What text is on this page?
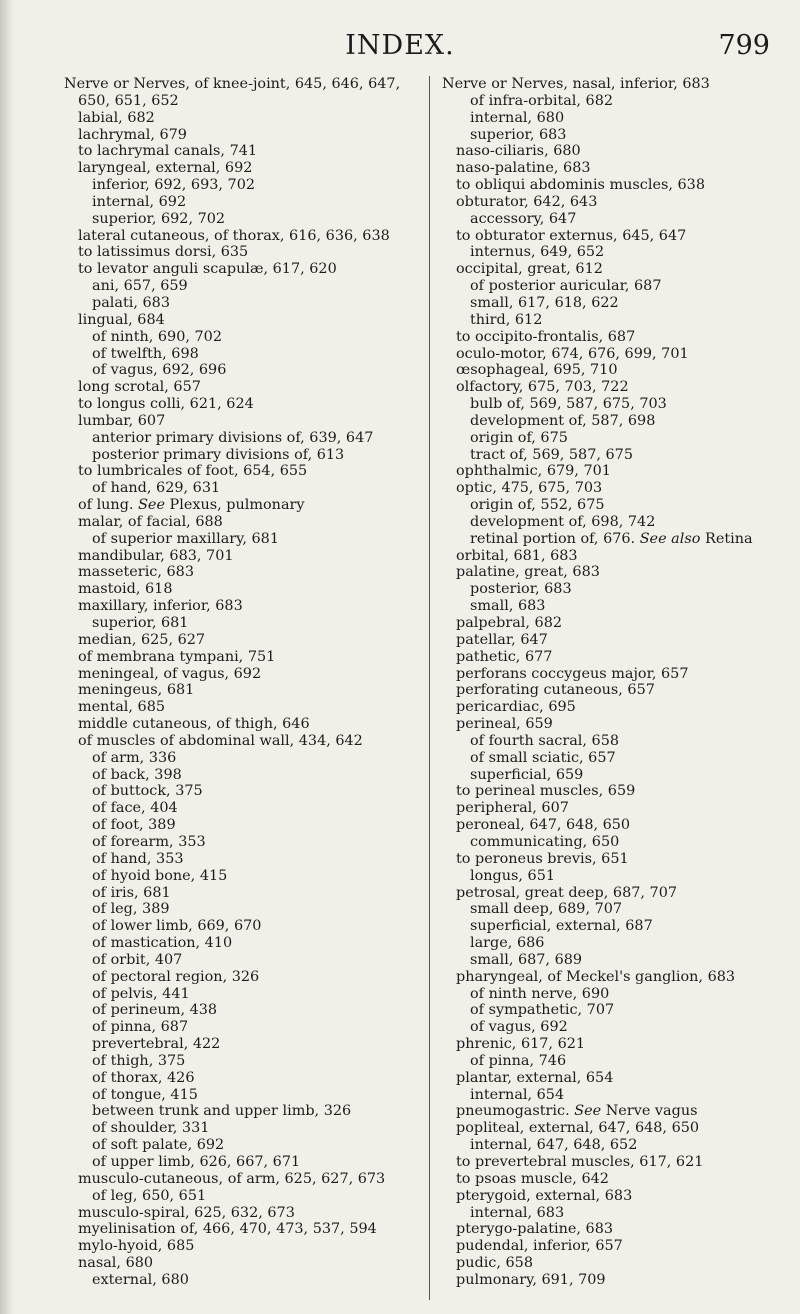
INDEX.	799
Nerve or Nerves, of knee-joint, 645, 646, 647,
650, 651, 652
labial, 682
lachrymal, 679
to lachrymal canals, 741
laryngeal, external, 692
inferior, 692, 693, 702
internal, 692
superior, 692, 702
lateral cutaneous, of thorax, 616, 636, 638
to latissimus dorsi, 635
to levator anguli scapulæ, 617, 620
ani, 657, 659
palati, 683
lingual, 684
of ninth, 690, 702
of twelfth, 698
of vagus, 692, 696
long scrotal, 657
to longus colli, 621, 624
lumbar, 607
anterior primary divisions of, 639, 647
posterior primary divisions of, 613
to lumbricales of foot, 654, 655
of hand, 629, 631
of lung. See Plexus, pulmonary
malar, of facial, 688
of superior maxillary, 681
mandibular, 683, 701
masseteric, 683
mastoid, 618
maxillary, inferior, 683
superior, 681
median, 625, 627
of membrana tympani, 751
meningeal, of vagus, 692
meningeus, 681
mental, 685
middle cutaneous, of thigh, 646
of muscles of abdominal wall, 434, 642
of arm, 336
of back, 398
of buttock, 375
of face, 404
of foot, 389
of forearm, 353
of hand, 353
of hyoid bone, 415
of iris, 681
of leg, 389
of lower limb, 669, 670
of mastication, 410
of orbit, 407
of pectoral region, 326
of pelvis, 441
of perineum, 438
of pinna, 687
prevertebral, 422
of thigh, 375
of thorax, 426
of tongue, 415
between trunk and upper limb, 326
of shoulder, 331
of soft palate, 692
of upper limb, 626, 667, 671
musculo-cutaneous, of arm, 625, 627, 673
of leg, 650, 651
musculo-spiral, 625, 632, 673
myelinisation of, 466, 470, 473, 537, 594
mylo-hyoid, 685
nasal, 680
external, 680
Nerve or Nerves, nasal, inferior, 683
of infra-orbital, 682
internal, 680
superior, 683
naso-ciliaris, 680
naso-palatine, 683
to obliqui abdominis muscles, 638
obturator, 642, 643
accessory, 647
to obturator externus, 645, 647
internus, 649, 652
occipital, great, 612
of posterior auricular, 687
small, 617, 618, 622
third, 612
to occipito-frontalis, 687
oculo-motor, 674, 676, 699, 701
œsophageal, 695, 710
olfactory, 675, 703, 722
bulb of, 569, 587, 675, 703
development of, 587, 698
origin of, 675
tract of, 569, 587, 675
ophthalmic, 679, 701
optic, 475, 675, 703
origin of, 552, 675
development of, 698, 742
retinal portion of, 676. See also Retina
orbital, 681, 683
palatine, great, 683
posterior, 683
small, 683
palpebral, 682
patellar, 647
pathetic, 677
perforans coccygeus major, 657
perforating cutaneous, 657
pericardiac, 695
perineal, 659
of fourth sacral, 658
of small sciatic, 657
superficial, 659
to perineal muscles, 659
peripheral, 607
peroneal, 647, 648, 650
communicating, 650
to peroneus brevis, 651
longus, 651
petrosal, great deep, 687, 707
small deep, 689, 707
superficial, external, 687
large, 686
small, 687, 689
pharyngeal, of Meckel's ganglion, 683
of ninth nerve, 690
of sympathetic, 707
of vagus, 692
phrenic, 617, 621
of pinna, 746
plantar, external, 654
internal, 654
pneumogastric. See Nerve vagus
popliteal, external, 647, 648, 650
internal, 647, 648, 652
to prevertebral muscles, 617, 621
to psoas muscle, 642
pterygoid, external, 683
internal, 683
pterygo-palatine, 683
pudendal, inferior, 657
pudic, 658
pulmonary, 691, 709
